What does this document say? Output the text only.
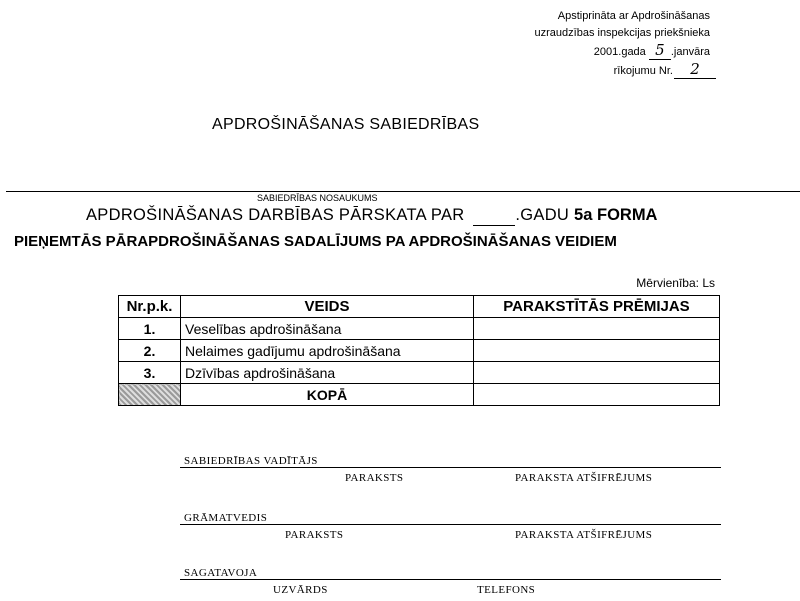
Apstiprināta ar Apdrošināšanas
uzraudzības inspekcijas priekšnieka
2001.gada 5 .janvāra
rīkojumu Nr. 2
APDROŠINĀŠANAS SABIEDRĪBAS
SABIEDRĪBAS NOSAUKUMS
APDROŠINĀŠANAS DARBĪBAS PĀRSKATA PAR	.GADU 5a FORMA
PIEŅEMTĀS PĀRAPDROŠINĀŠANAS SADALĪJUMS PA APDROŠINĀŠANAS VEIDIEM
Mērvienība: Ls
Nr.p.k.	VEIDS	PARAKSTĪTĀS PRĒMIJAS
1.	Veselības apdrošināšana	
2.	Nelaimes gadījumu apdrošināšana	
3.	Dzīvības apdrošināšana	
	KOPĀ	
SABIEDRĪBAS VADĪTĀJS
PARAKSTS	PARAKSTA ATŠIFRĒJUMS
GRĀMATVEDIS
PARAKSTS	PARAKSTA ATŠIFRĒJUMS
SAGATAVOJA
UZVĀRDS	TELEFONS
